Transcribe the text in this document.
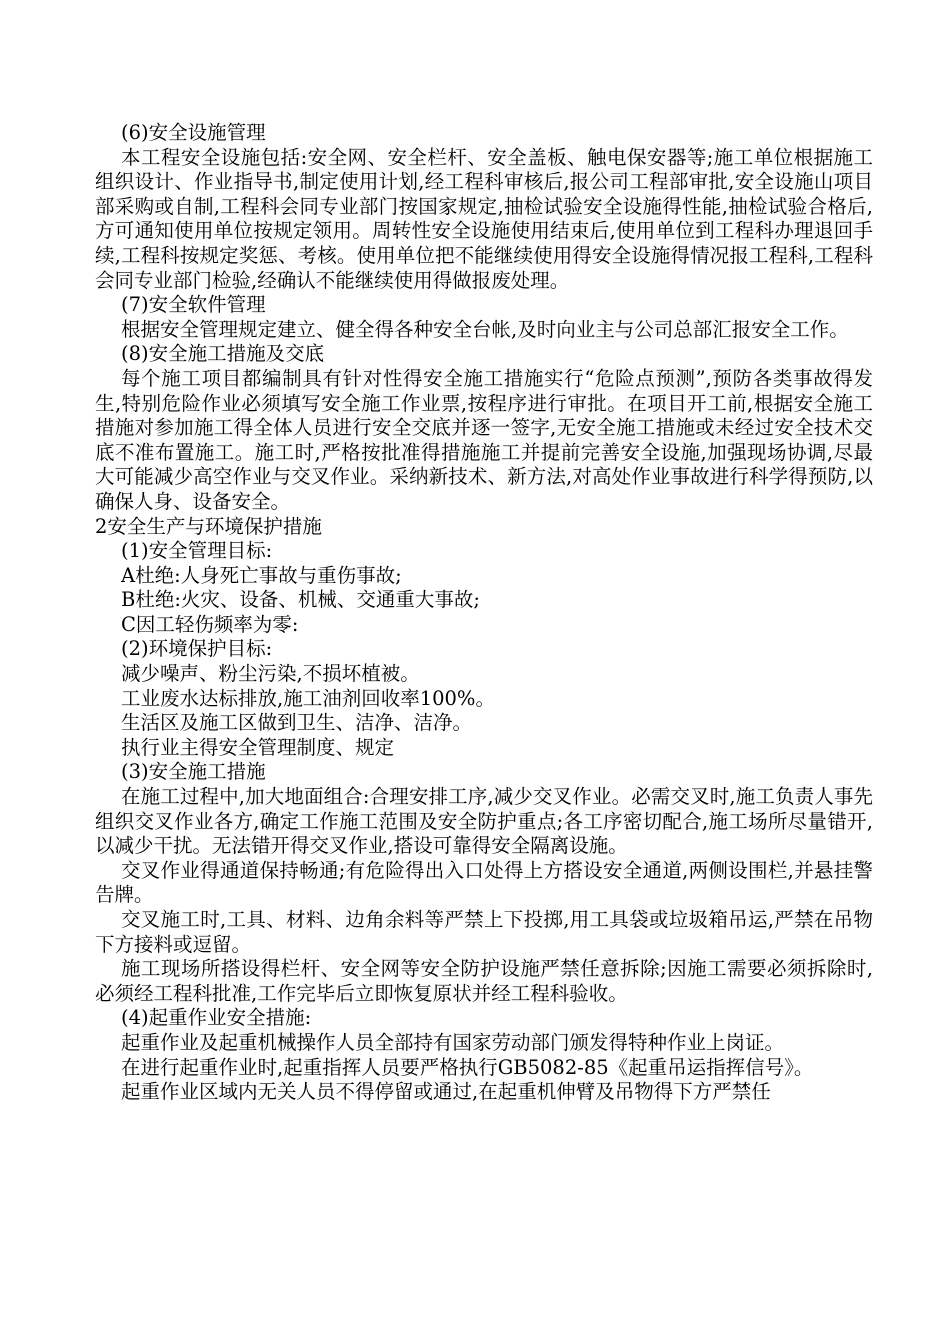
(6)安全设施管理

本工程安全设施包括:安全网、安全栏杆、安全盖板、触电保安器等;施工单位根据施工组织设计、作业指导书,制定使用计划,经工程科审核后,报公司工程部审批,安全设施山项目部采购或自制,工程科会同专业部门按国家规定,抽检试验安全设施得性能,抽检试验合格后,方可通知使用单位按规定领用。周转性安全设施使用结束后,使用单位到工程科办理退回手续,工程科按规定奖惩、考核。使用单位把不能继续使用得安全设施得情况报工程科,工程科会同专业部门检验,经确认不能继续使用得做报废处理。

(7)安全软件管理

根据安全管理规定建立、健全得各种安全台帐,及时向业主与公司总部汇报安全工作。

(8)安全施工措施及交底

每个施工项目都编制具有针对性得安全施工措施实行“危险点预测”,预防各类事故得发生,特别危险作业必须填写安全施工作业票,按程序进行审批。在项目开工前,根据安全施工措施对参加施工得全体人员进行安全交底并逐一签字,无安全施工措施或未经过安全技术交底不准布置施工。施工时,严格按批准得措施施工并提前完善安全设施,加强现场协调,尽最大可能减少高空作业与交叉作业。采纳新技术、新方法,对高处作业事故进行科学得预防,以确保人身、设备安全。

2安全生产与环境保护措施

(1)安全管理目标:

A杜绝:人身死亡事故与重伤事故;

B杜绝:火灾、设备、机械、交通重大事故;

C因工轻伤频率为零:

(2)环境保护目标:

减少噪声、粉尘污染,不损坏植被。

工业废水达标排放,施工油剂回收率100%。

生活区及施工区做到卫生、洁净、洁净。

执行业主得安全管理制度、规定

(3)安全施工措施

在施工过程中,加大地面组合:合理安排工序,减少交叉作业。必需交叉时,施工负责人事先组织交叉作业各方,确定工作施工范围及安全防护重点;各工序密切配合,施工场所尽量错开,以减少干扰。无法错开得交叉作业,搭设可靠得安全隔离设施。

交叉作业得通道保持畅通;有危险得出入口处得上方搭设安全通道,两侧设围栏,并悬挂警告牌。

交叉施工时,工具、材料、边角余料等严禁上下投掷,用工具袋或垃圾箱吊运,严禁在吊物下方接料或逗留。

施工现场所搭设得栏杆、安全网等安全防护设施严禁任意拆除;因施工需要必须拆除时,必须经工程科批准,工作完毕后立即恢复原状并经工程科验收。

(4)起重作业安全措施:

起重作业及起重机械操作人员全部持有国家劳动部门颁发得特种作业上岗证。

在进行起重作业时,起重指挥人员要严格执行GB5082-85《起重吊运指挥信号》。

起重作业区域内无关人员不得停留或通过,在起重机伸臂及吊物得下方严禁任
